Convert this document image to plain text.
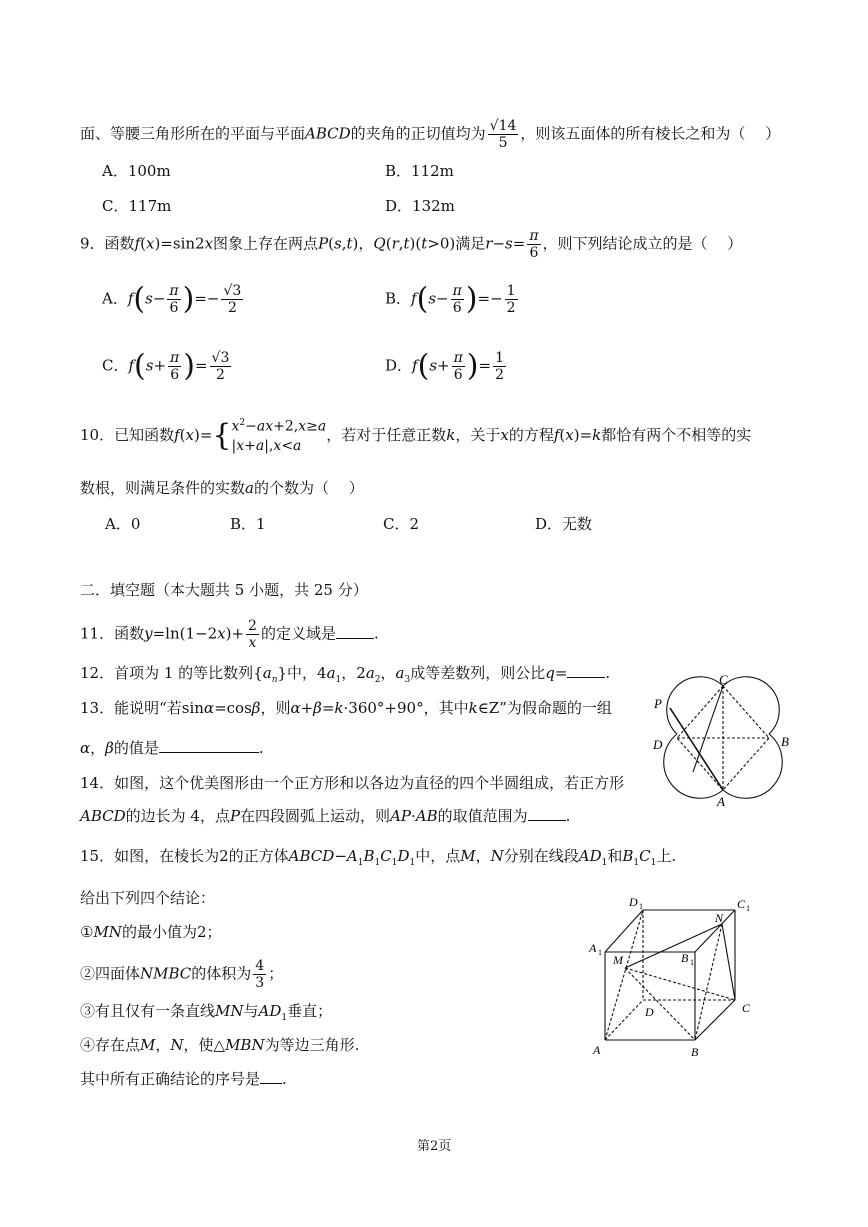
面、等腰三角形所在的平面与平面ABCD的夹角的正切值均为 $\frac{√14}{5}$ ，则该五面体的所有棱长之和为（　 ）
A．100m	B．112m
C．117m	D．132m
9．函数f(x)=sin2x图象上存在两点P(s,t)，Q(r,t)(t>0)满足$r-s= \frac{\pi}{6}$ ，则下列结论成立的是（　 ）
A．$f(s- \frac{\pi}{6}$ )=− $\frac{√3}{2}$	B．$f(s- \frac{\pi}{6}$ )=− $\frac{1}{2}$
C．$f(s+ \frac{\pi}{6}$ )= $\frac{√3}{2}$	D．$f(s+ \frac{\pi}{6}$ )= $\frac{1}{2}$
10．已知函数$f(x)=\{x^2-ax+2,x\ge a$
|x+a|,x<a，若对于任意正数k，关于x的方程f(x)=k都恰有两个不相等的实
数根，则满足条件的实数a的个数为（　 ）
A．0	B．1	C．2	D．无数
二．填空题（本大题共 5 小题，共 25 分）
11．函数$y=\ln(1-2x)+ \frac{2}{x}$ 的定义域是	.
12．首项为 1 的等比数列$\{a_n\}$中，$4a_1$，$2a_2$，$a_3$成等差数列，则公比q=	.
13．能说明“若sinα=cosβ，则α+β=k·360°+90°，其中k∈Z”为假命题的一组
α，β的值是	.
14．如图，这个优美图形由一个正方形和以各边为直径的四个半圆组成，若正方形
ABCD的边长为 4，点P在四段圆弧上运动，则AP·AB的取值范围为	.
P
C
D	B
A
15．如图，在棱长为2的正方体$ABCD-A_1B_1C_1D_1$中，点M，N分别在线段$AD_1$和$B_1C_1$上.
给出下列四个结论：
①MN的最小值为2；
②四面体NMBC的体积为 $\frac{4}{3}$ ；
③有且仅有一条直线MN与$AD_1$垂直；
④存在点M，N，使△MBN为等边三角形.
其中所有正确结论的序号是 .
D 1	C 1
N
A 1
M	B 1
D	C
A	B
第2页
